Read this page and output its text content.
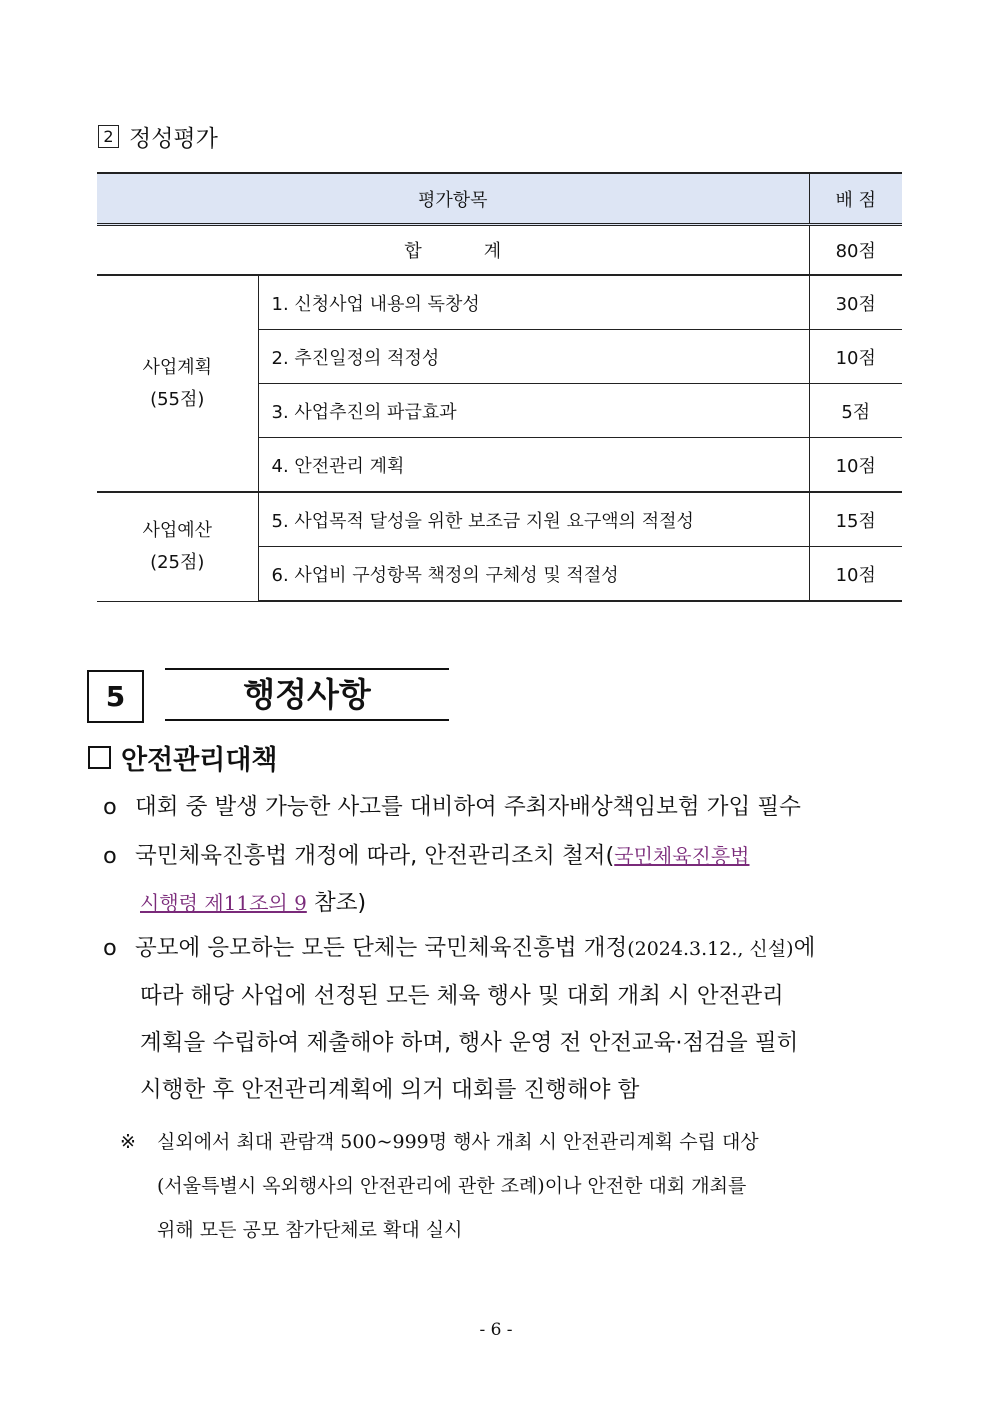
2 정성평가
평가항목		배 점
합 계		80점

사업계획
(55점)	1. 신청사업 내용의 독창성	30점
	2. 추진일정의 적정성	10점
	3. 사업추진의 파급효과	5점
	4. 안전관리 계획	10점

사업예산
(25점)	5. 사업목적 달성을 위한 보조금 지원 요구액의 적절성	15점
	6. 사업비 구성항목 책정의 구체성 및 적절성	10점
5	행정사항
안전관리대책
o 대회 중 발생 가능한 사고를 대비하여 주최자배상책임보험 가입 필수
o 국민체육진흥법 개정에 따라, 안전관리조치 철저(국민체육진흥법
시행령 제11조의 9 참조)
o 공모에 응모하는 모든 단체는 국민체육진흥법 개정(2024.3.12., 신설)에
따라 해당 사업에 선정된 모든 체육 행사 및 대회 개최 시 안전관리
계획을 수립하여 제출해야 하며, 행사 운영 전 안전교육·점검을 필히
시행한 후 안전관리계획에 의거 대회를 진행해야 함
※ 실외에서 최대 관람객 500~999명 행사 개최 시 안전관리계획 수립 대상
(서울특별시 옥외행사의 안전관리에 관한 조례)이나 안전한 대회 개최를
위해 모든 공모 참가단체로 확대 실시
- 6 -
